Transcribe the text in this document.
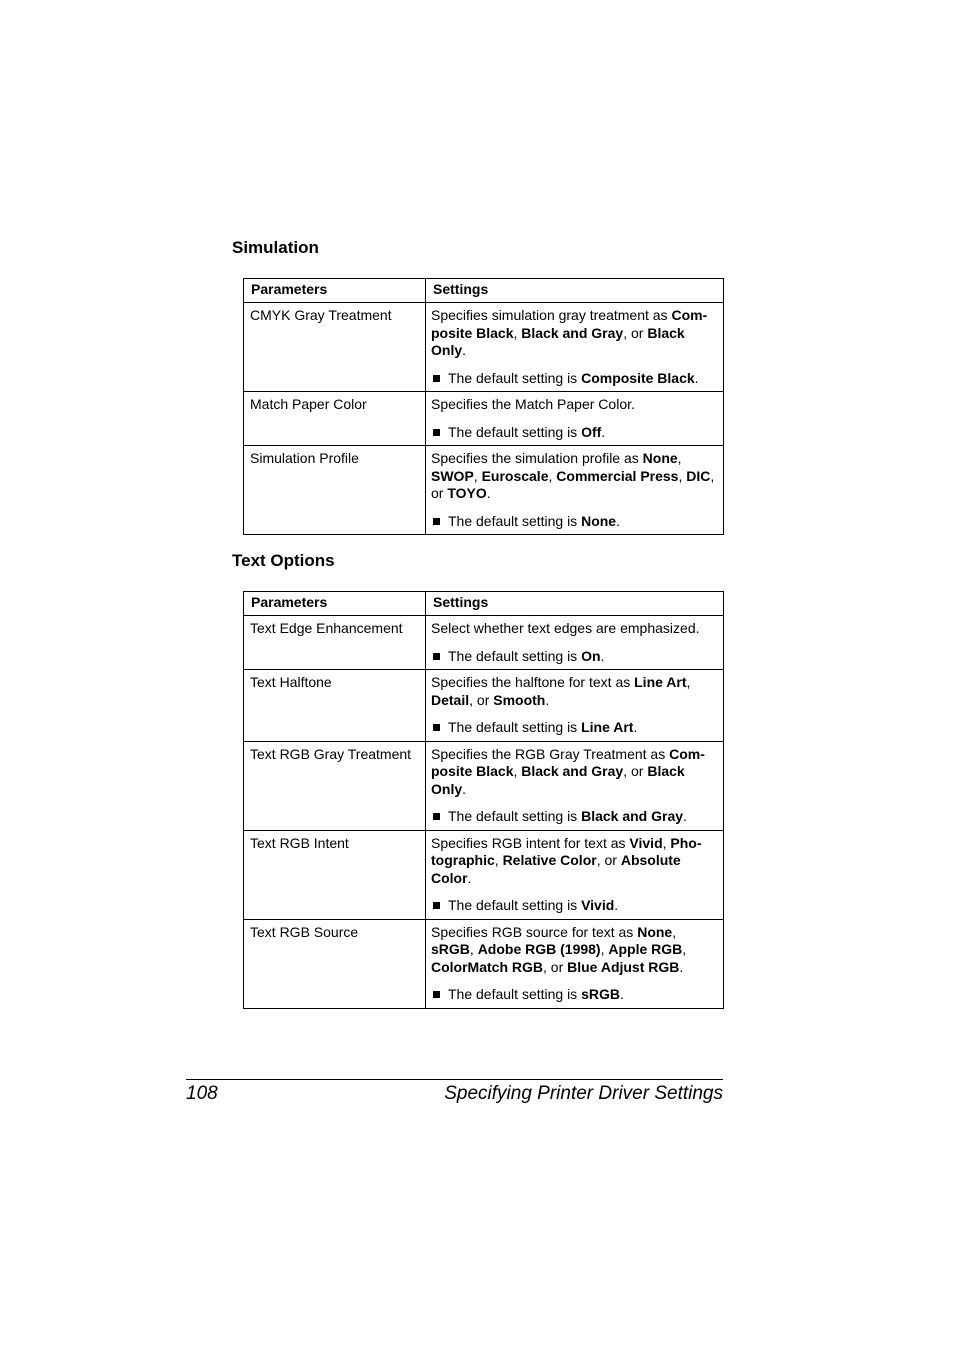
Simulation
Parameters	Settings
CMYK Gray Treatment	Specifies simulation gray treatment as Com-posite Black, Black and Gray, or Black Only.
The default setting is Composite Black.

Match Paper Color	Specifies the Match Paper Color.
The default setting is Off.

Simulation Profile	Specifies the simulation profile as None, SWOP, Euroscale, Commercial Press, DIC, or TOYO.
The default setting is None.
Text Options
Parameters	Settings
Text Edge Enhancement	Select whether text edges are emphasized.
The default setting is On.

Text Halftone	Specifies the halftone for text as Line Art, Detail, or Smooth.
The default setting is Line Art.

Text RGB Gray Treatment	Specifies the RGB Gray Treatment as Com-posite Black, Black and Gray, or Black Only.
The default setting is Black and Gray.

Text RGB Intent	Specifies RGB intent for text as Vivid, Pho-tographic, Relative Color, or Absolute Color.
The default setting is Vivid.

Text RGB Source	Specifies RGB source for text as None, sRGB, Adobe RGB (1998), Apple RGB, ColorMatch RGB, or Blue Adjust RGB.
The default setting is sRGB.
108	Specifying Printer Driver Settings
